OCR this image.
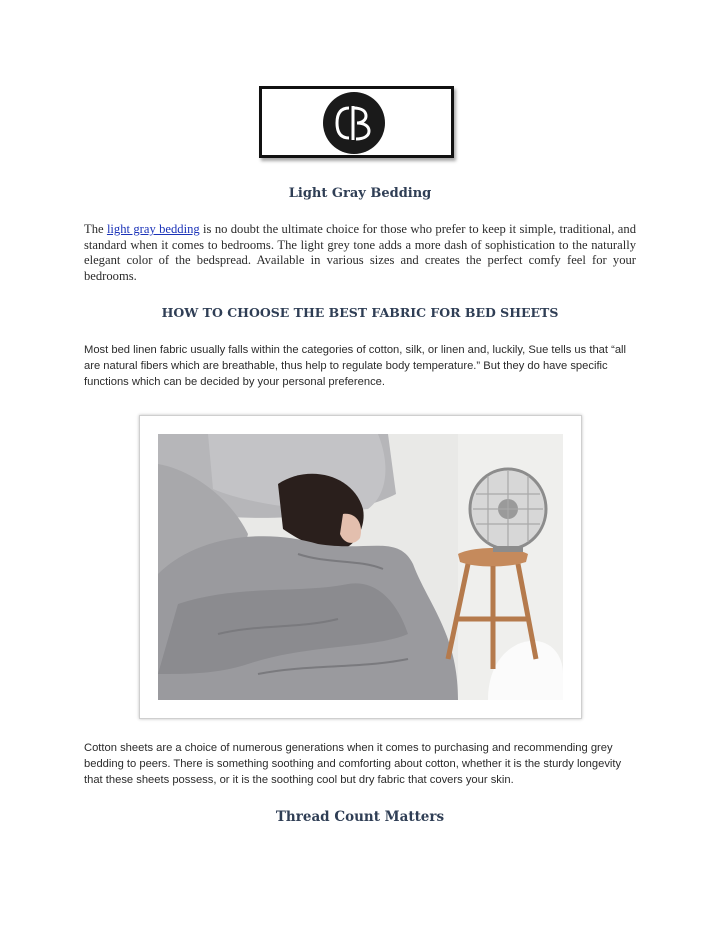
Light Gray Bedding

The light gray bedding is no doubt the ultimate choice for those who prefer to keep it simple, traditional, and standard when it comes to bedrooms. The light grey tone adds a more dash of sophistication to the naturally elegant color of the bedspread. Available in various sizes and creates the perfect comfy feel for your bedrooms.

HOW TO CHOOSE THE BEST FABRIC FOR BED SHEETS

Most bed linen fabric usually falls within the categories of cotton, silk, or linen and, luckily, Sue tells us that “all are natural fibers which are breathable, thus help to regulate body temperature.” But they do have specific functions which can be decided by your personal preference.

Cotton sheets are a choice of numerous generations when it comes to purchasing and recommending grey bedding to peers. There is something soothing and comforting about cotton, whether it is the sturdy longevity that these sheets possess, or it is the soothing cool but dry fabric that covers your skin.

Thread Count Matters
